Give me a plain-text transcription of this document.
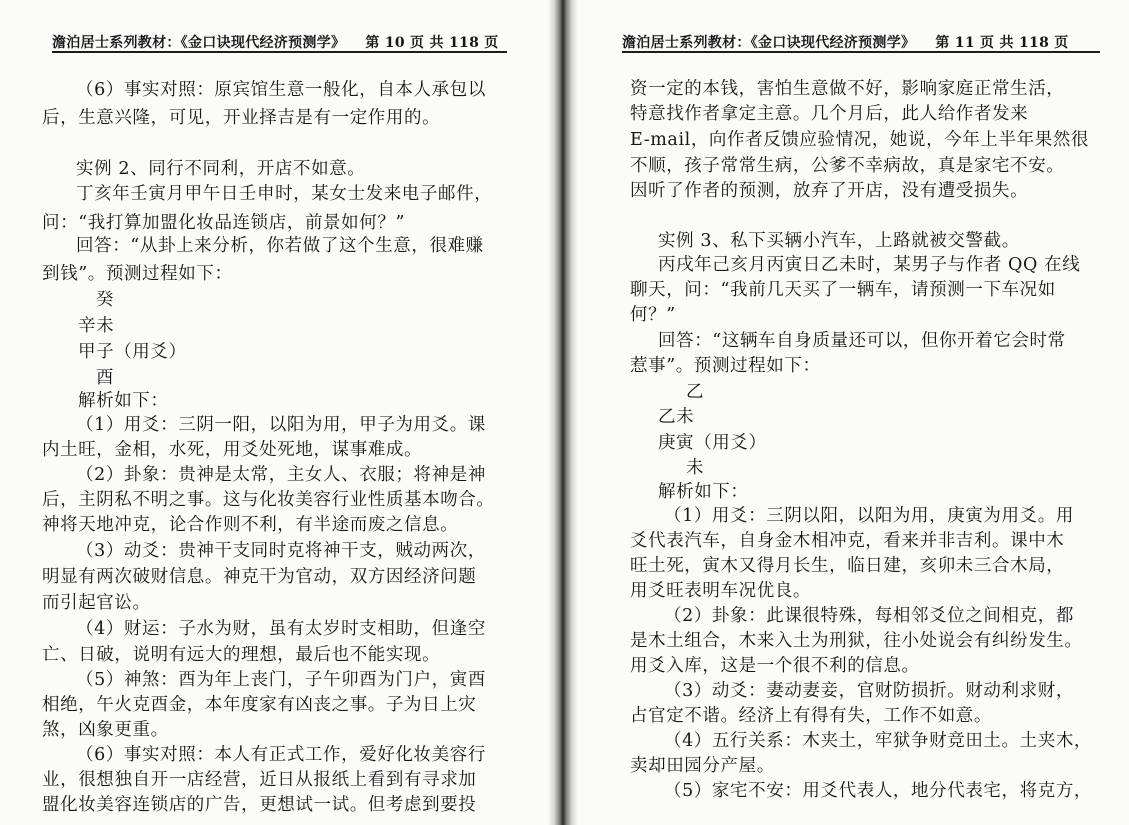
澹泊居士系列教材：《金口诀现代经济预测学》 第 10 页 共 118 页
（6）事实对照：原宾馆生意一般化，自本人承包以
后，生意兴隆，可见，开业择吉是有一定作用的。
实例 2、同行不同利，开店不如意。
丁亥年壬寅月甲午日壬申时，某女士发来电子邮件，
问：“我打算加盟化妆品连锁店，前景如何？”
回答：“从卦上来分析，你若做了这个生意，很难赚
到钱”。预测过程如下：
癸
辛未
甲子（用爻）
酉
解析如下：
（1）用爻：三阴一阳，以阳为用，甲子为用爻。课
内土旺，金相，水死，用爻处死地，谋事难成。
（2）卦象：贵神是太常，主女人、衣服；将神是神
后，主阴私不明之事。这与化妆美容行业性质基本吻合。
神将天地冲克，论合作则不利，有半途而废之信息。
（3）动爻：贵神干支同时克将神干支，贼动两次，
明显有两次破财信息。神克干为官动，双方因经济问题
而引起官讼。
（4）财运：子水为财，虽有太岁时支相助，但逢空
亡、日破，说明有远大的理想，最后也不能实现。
（5）神煞：酉为年上丧门，子午卯酉为门户，寅酉
相绝，午火克酉金，本年度家有凶丧之事。子为日上灾
煞，凶象更重。
（6）事实对照：本人有正式工作，爱好化妆美容行
业，很想独自开一店经营，近日从报纸上看到有寻求加
盟化妆美容连锁店的广告，更想试一试。但考虑到要投
澹泊居士系列教材：《金口诀现代经济预测学》 第 11 页 共 118 页
资一定的本钱，害怕生意做不好，影响家庭正常生活，
特意找作者拿定主意。几个月后，此人给作者发来
E-mail，向作者反馈应验情况，她说，今年上半年果然很
不顺，孩子常常生病，公爹不幸病故，真是家宅不安。
因听了作者的预测，放弃了开店，没有遭受损失。
实例 3、私下买辆小汽车，上路就被交警截。
丙戌年己亥月丙寅日乙未时，某男子与作者 QQ 在线
聊天，问：“我前几天买了一辆车，请预测一下车况如
何？”
回答：“这辆车自身质量还可以，但你开着它会时常
惹事”。预测过程如下：
乙
乙未
庚寅（用爻）
未
解析如下：
（1）用爻：三阴以阳，以阳为用，庚寅为用爻。用
爻代表汽车，自身金木相冲克，看来并非吉利。课中木
旺土死，寅木又得月长生，临日建，亥卯未三合木局，
用爻旺表明车况优良。
（2）卦象：此课很特殊，每相邻爻位之间相克，都
是木土组合，木来入土为刑狱，往小处说会有纠纷发生。
用爻入库，这是一个很不利的信息。
（3）动爻：妻动妻妾，官财防损折。财动利求财，
占官定不谐。经济上有得有失，工作不如意。
（4）五行关系：木夹土，牢狱争财竞田土。土夹木，
卖却田园分产屋。
（5）家宅不安：用爻代表人，地分代表宅，将克方，
